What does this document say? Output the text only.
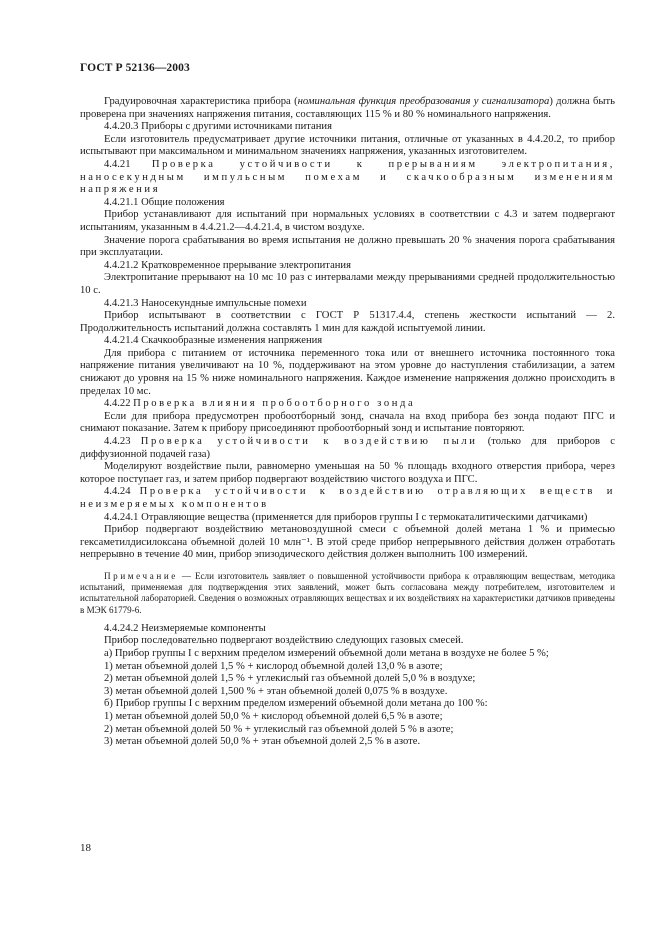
ГОСТ Р 52136—2003

Градуировочная характеристика прибора (номинальная функция преобразования у сигнализатора) должна быть проверена при значениях напряжения питания, составляющих 115 % и 80 % номинального напряжения.

4.4.20.3 Приборы с другими источниками питания

Если изготовитель предусматривает другие источники питания, отличные от указанных в 4.4.20.2, то прибор испытывают при максимальном и минимальном значениях напряжения, указанных изготовителем.

4.4.21 Проверка устойчивости к прерываниям электропитания, наносекундным импульсным помехам и скачкообразным изменениям напряжения

4.4.21.1 Общие положения

Прибор устанавливают для испытаний при нормальных условиях в соответствии с 4.3 и затем подвергают испытаниям, указанным в 4.4.21.2—4.4.21.4, в чистом воздухе.

Значение порога срабатывания во время испытания не должно превышать 20 % значения порога срабатывания при эксплуатации.

4.4.21.2 Кратковременное прерывание электропитания

Электропитание прерывают на 10 мс 10 раз с интервалами между прерываниями средней продолжительностью 10 с.

4.4.21.3 Наносекундные импульсные помехи

Прибор испытывают в соответствии с ГОСТ Р 51317.4.4, степень жесткости испытаний — 2. Продолжительность испытаний должна составлять 1 мин для каждой испытуемой линии.

4.4.21.4 Скачкообразные изменения напряжения

Для прибора с питанием от источника переменного тока или от внешнего источника постоянного тока напряжение питания увеличивают на 10 %, поддерживают на этом уровне до наступления стабилизации, а затем снижают до уровня на 15 % ниже номинального напряжения. Каждое изменение напряжения должно происходить в пределах 10 мс.

4.4.22 Проверка влияния пробоотборного зонда

Если для прибора предусмотрен пробоотборный зонд, сначала на вход прибора без зонда подают ПГС и снимают показание. Затем к прибору присоединяют пробоотборный зонд и испытание повторяют.

4.4.23 Проверка устойчивости к воздействию пыли (только для приборов с диффузионной подачей газа)

Моделируют воздействие пыли, равномерно уменьшая на 50 % площадь входного отверстия прибора, через которое поступает газ, и затем прибор подвергают воздействию чистого воздуха и ПГС.

4.4.24 Проверка устойчивости к воздействию отравляющих веществ и неизмеряемых компонентов

4.4.24.1 Отравляющие вещества (применяется для приборов группы I с термокаталитическими датчиками)

Прибор подвергают воздействию метановоздушной смеси с объемной долей метана 1 % и примесью гексаметилдисилоксана объемной долей 10 млн⁻¹. В этой среде прибор непрерывного действия должен отработать непрерывно в течение 40 мин, прибор эпизодического действия должен выполнить 100 измерений.

Примечание — Если изготовитель заявляет о повышенной устойчивости прибора к отравляющим веществам, методика испытаний, применяемая для подтверждения этих заявлений, может быть согласована между потребителем, изготовителем и испытательной лабораторией. Сведения о возможных отравляющих веществах и их воздействиях на характеристики датчиков приведены в МЭК 61779-6.

4.4.24.2 Неизмеряемые компоненты

Прибор последовательно подвергают воздействию следующих газовых смесей.

а) Прибор группы I с верхним пределом измерений объемной доли метана в воздухе не более 5 %;

1) метан объемной долей 1,5 % + кислород объемной долей 13,0 % в азоте;

2) метан объемной долей 1,5 % + углекислый газ объемной долей 5,0 % в воздухе;

3) метан объемной долей 1,500 % + этан объемной долей 0,075 % в воздухе.

б) Прибор группы I с верхним пределом измерений объемной доли метана до 100 %:

1) метан объемной долей 50,0 % + кислород объемной долей 6,5 % в азоте;

2) метан объемной долей 50 % + углекислый газ объемной долей 5 % в азоте;

3) метан объемной долей 50,0 % + этан объемной долей 2,5 % в азоте.

18
